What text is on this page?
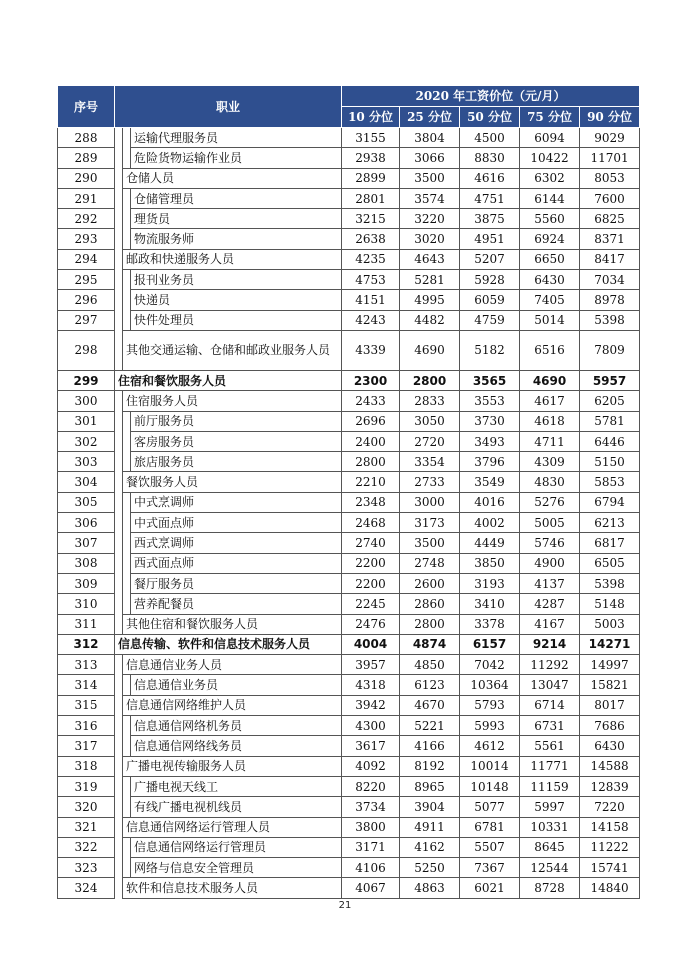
序号	职业			2020 年工资价位（元/月）				
				10 分位	25 分位	50 分位	75 分位	90 分位
288			运输代理服务员	3155	3804	4500	6094	9029
289			危险货物运输作业员	2938	3066	8830	10422	11701
290		仓储人员		2899	3500	4616	6302	8053
291			仓储管理员	2801	3574	4751	6144	7600
292			理货员	3215	3220	3875	5560	6825
293			物流服务师	2638	3020	4951	6924	8371
294		邮政和快递服务人员		4235	4643	5207	6650	8417
295			报刊业务员	4753	5281	5928	6430	7034
296			快递员	4151	4995	6059	7405	8978
297			快件处理员	4243	4482	4759	5014	5398
298		其他交通运输、仓储和邮政业服务人员		4339	4690	5182	6516	7809
299	住宿和餐饮服务人员			2300	2800	3565	4690	5957
300		住宿服务人员		2433	2833	3553	4617	6205
301			前厅服务员	2696	3050	3730	4618	5781
302			客房服务员	2400	2720	3493	4711	6446
303			旅店服务员	2800	3354	3796	4309	5150
304		餐饮服务人员		2210	2733	3549	4830	5853
305			中式烹调师	2348	3000	4016	5276	6794
306			中式面点师	2468	3173	4002	5005	6213
307			西式烹调师	2740	3500	4449	5746	6817
308			西式面点师	2200	2748	3850	4900	6505
309			餐厅服务员	2200	2600	3193	4137	5398
310			营养配餐员	2245	2860	3410	4287	5148
311		其他住宿和餐饮服务人员		2476	2800	3378	4167	5003
312	信息传输、软件和信息技术服务人员			4004	4874	6157	9214	14271
313		信息通信业务人员		3957	4850	7042	11292	14997
314			信息通信业务员	4318	6123	10364	13047	15821
315		信息通信网络维护人员		3942	4670	5793	6714	8017
316			信息通信网络机务员	4300	5221	5993	6731	7686
317			信息通信网络线务员	3617	4166	4612	5561	6430
318		广播电视传输服务人员		4092	8192	10014	11771	14588
319			广播电视天线工	8220	8965	10148	11159	12839
320			有线广播电视机线员	3734	3904	5077	5997	7220
321		信息通信网络运行管理人员		3800	4911	6781	10331	14158
322			信息通信网络运行管理员	3171	4162	5507	8645	11222
323			网络与信息安全管理员	4106	5250	7367	12544	15741
324		软件和信息技术服务人员		4067	4863	6021	8728	14840
21
